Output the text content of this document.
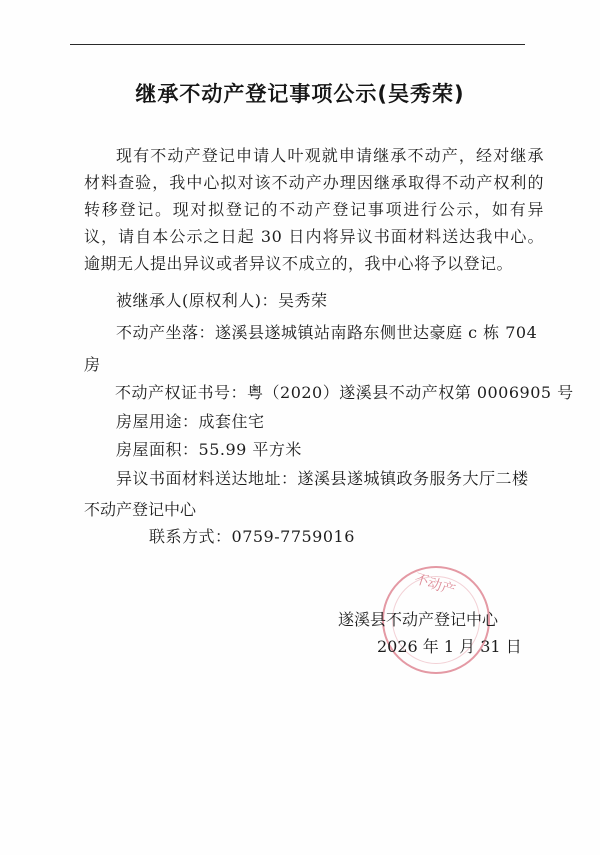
继承不动产登记事项公示(吴秀荣)
现有不动产登记申请人叶观就申请继承不动产，经对继承材料查验，我中心拟对该不动产办理因继承取得不动产权利的转移登记。现对拟登记的不动产登记事项进行公示，如有异议，请自本公示之日起 30 日内将异议书面材料送达我中心。逾期无人提出异议或者异议不成立的，我中心将予以登记。
被继承人(原权利人)：吴秀荣
不动产坐落：遂溪县遂城镇站南路东侧世达豪庭 c 栋 704
房
不动产权证书号：粤（2020）遂溪县不动产权第 0006905 号
房屋用途：成套住宅
房屋面积：55.99 平方米
异议书面材料送达地址：遂溪县遂城镇政务服务大厅二楼
不动产登记中心
联系方式：0759-7759016
不动产
遂溪县不动产登记中心
2026 年 1 月 31 日
